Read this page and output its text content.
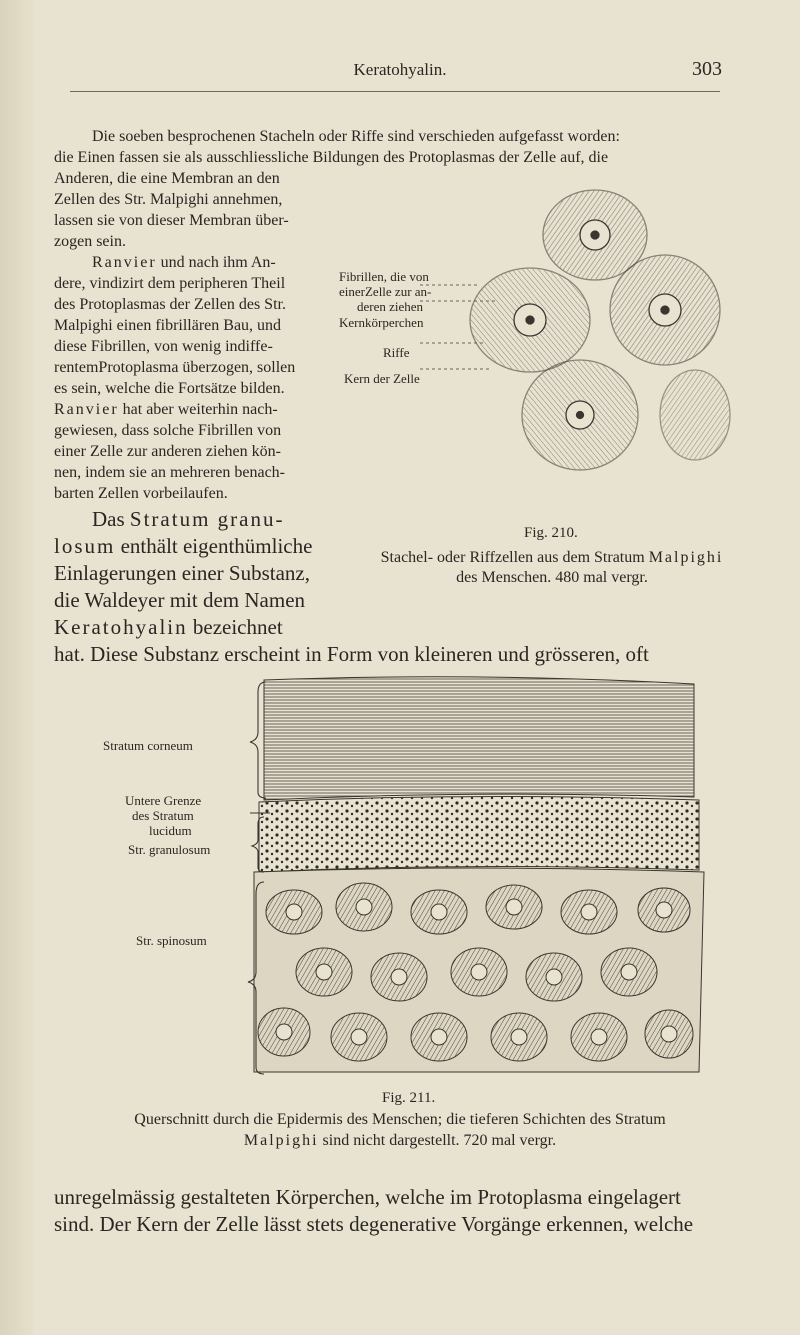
Keratohyalin.	303

Die soeben besprochenen Stacheln oder Riffe sind verschieden aufgefasst worden:

die Einen fassen sie als ausschliessliche Bildungen des Protoplasmas der Zelle auf, die

Anderen, die eine Membran an den

Zellen des Str. Malpighi annehmen,

lassen sie von dieser Membran über-

zogen sein.

Ranvier und nach ihm An-

dere, vindizirt dem peripheren Theil

des Protoplasmas der Zellen des Str.

Malpighi einen fibrillären Bau, und

diese Fibrillen, von wenig indiffe-

rentemProtoplasma überzogen, sollen

es sein, welche die Fortsätze bilden.

Ranvier hat aber weiterhin nach-

gewiesen, dass solche Fibrillen von

einer Zelle zur anderen ziehen kön-

nen, indem sie an mehreren benach-

barten Zellen vorbeilaufen.

Das Stratum granu-

losum enthält eigenthümliche

Einlagerungen einer Substanz,

die Waldeyer mit dem Namen

Keratohyalin bezeichnet

hat. Diese Substanz erscheint in Form von kleineren und grösseren, oft

Fibrillen, die von
einerZelle zur an-
deren ziehen
Kernkörperchen
Riffe
Kern der Zelle
Fig. 210.
Stachel- oder Riffzellen aus dem Stratum Malpighi
des Menschen. 480 mal vergr.
Stratum corneum
Untere Grenze
des Stratum
lucidum
Str. granulosum
Str. spinosum
Fig. 211.
Querschnitt durch die Epidermis des Menschen; die tieferen Schichten des Stratum
Malpighi sind nicht dargestellt. 720 mal vergr.

unregelmässig gestalteten Körperchen, welche im Protoplasma eingelagert

sind. Der Kern der Zelle lässt stets degenerative Vorgänge erkennen, welche
